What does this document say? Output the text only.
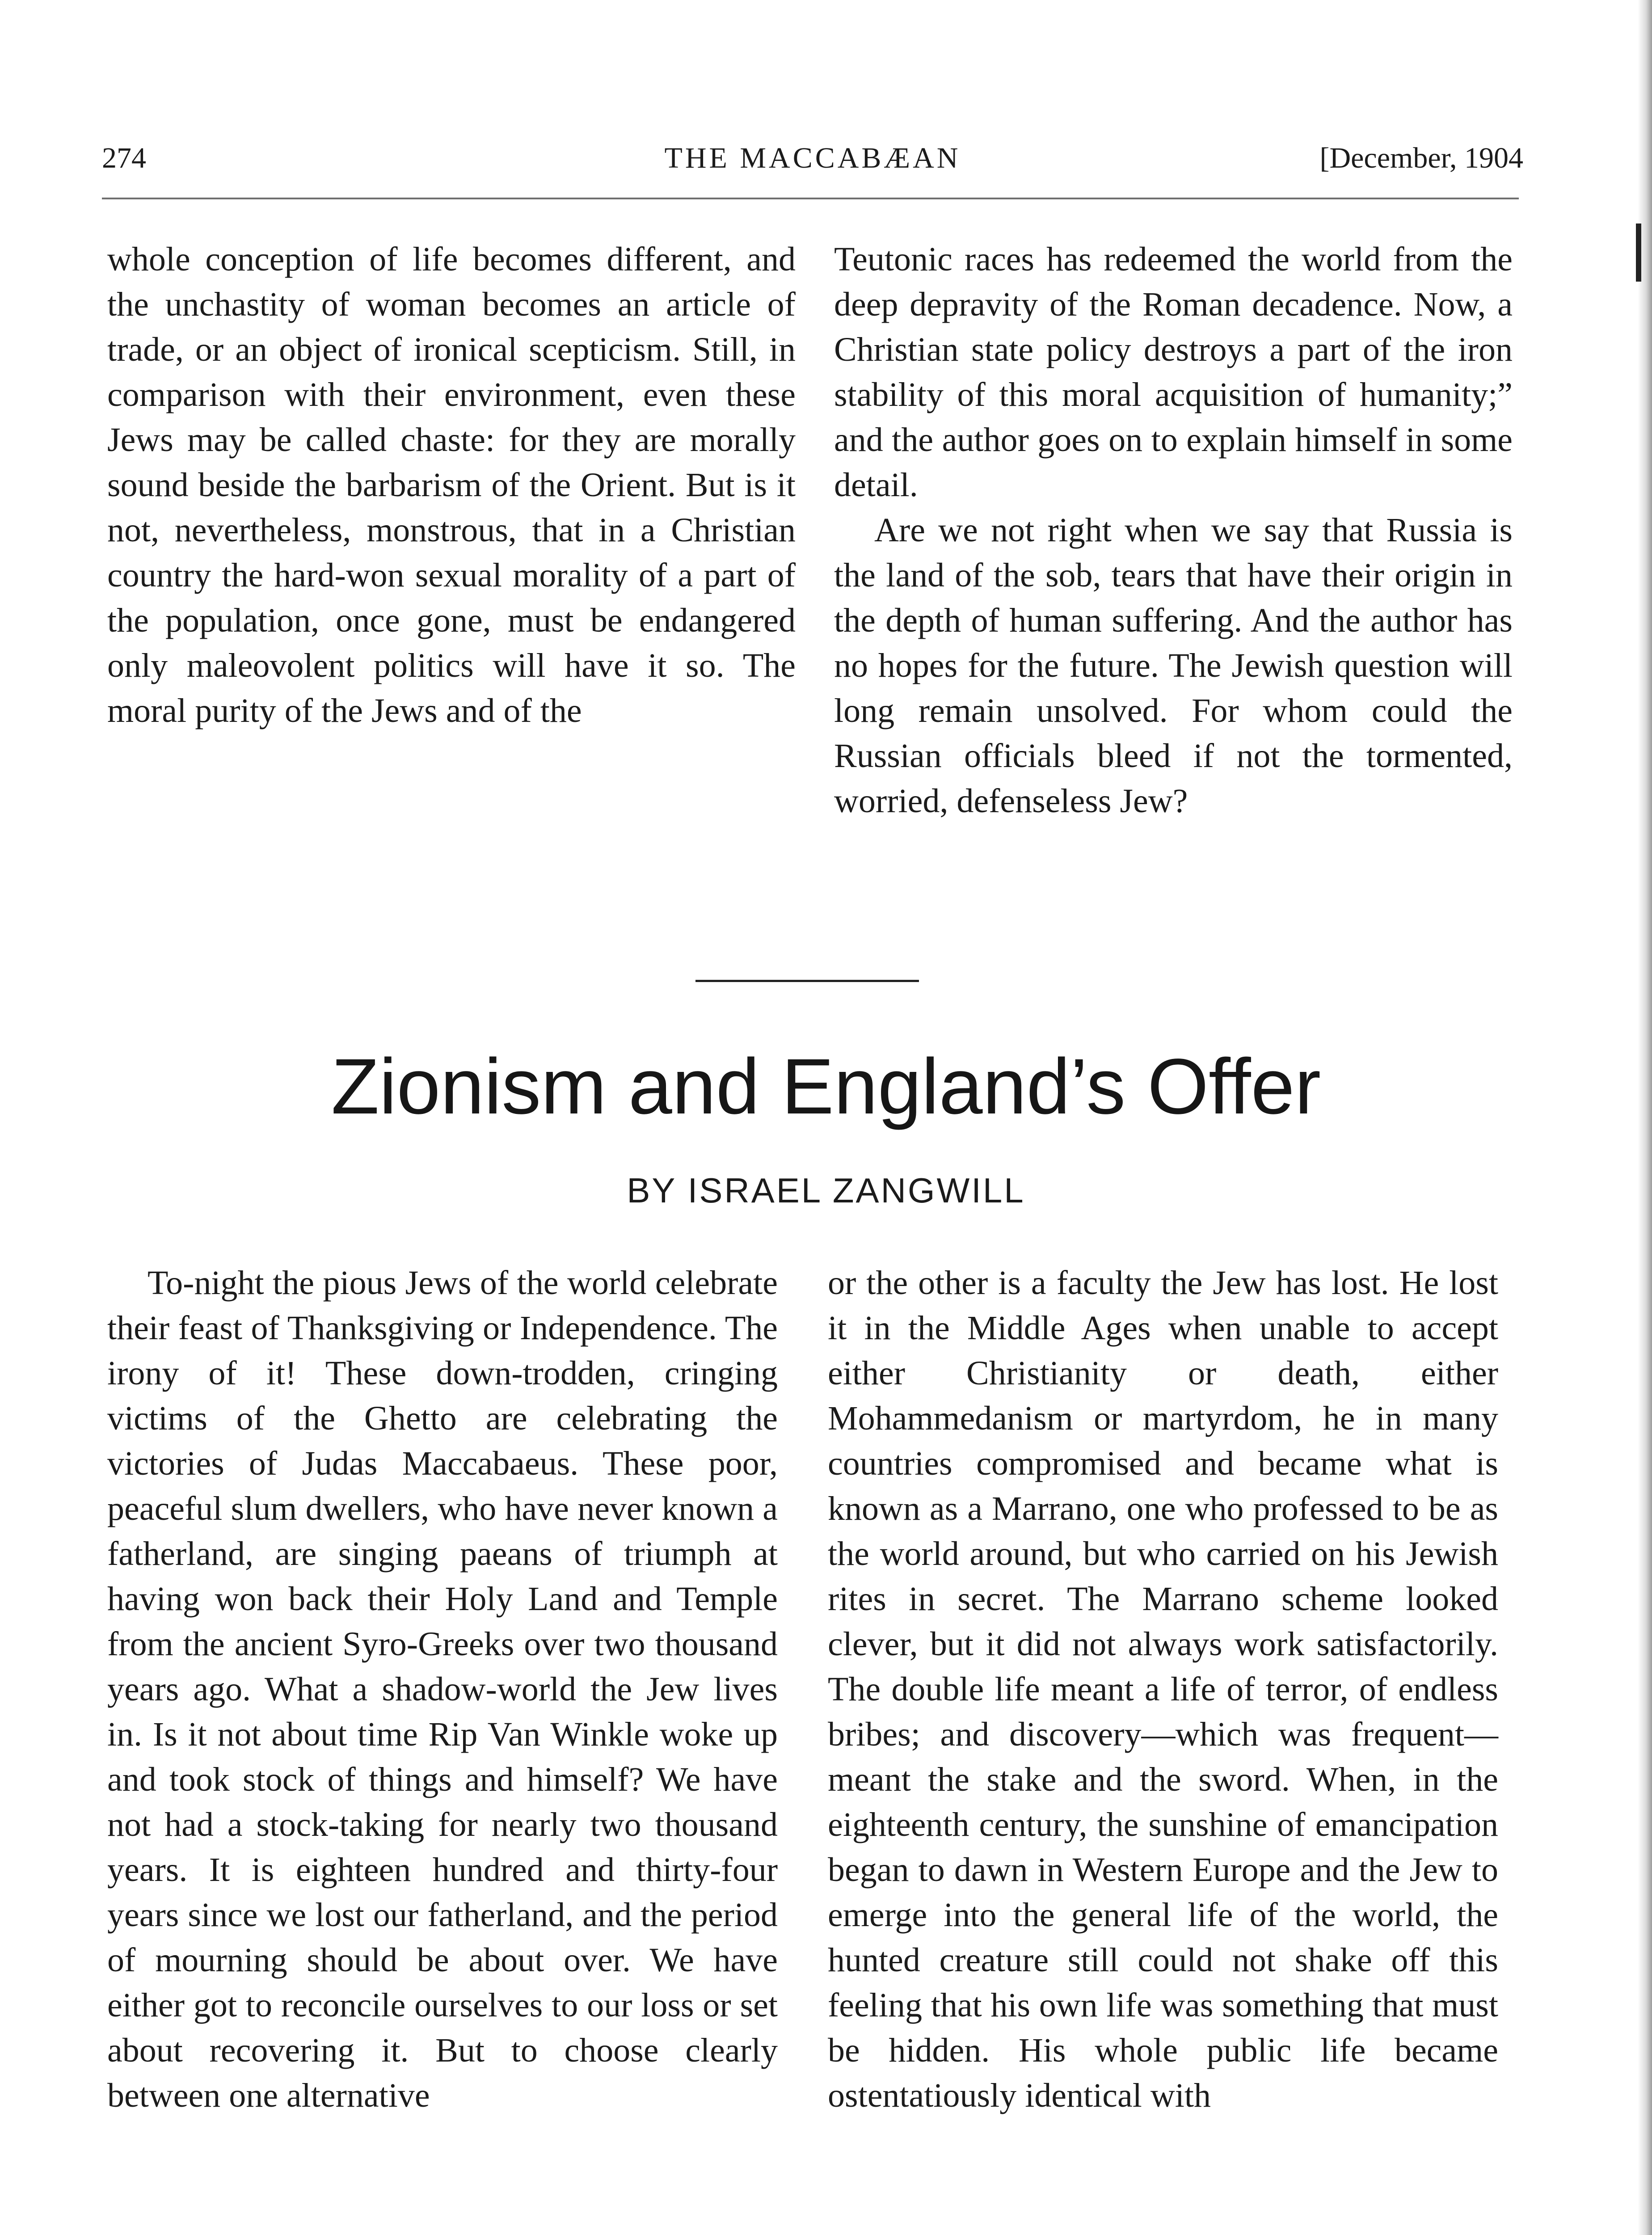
274	THE MACCABÆAN	[December, 1904

whole conception of life becomes different, and the unchastity of woman becomes an article of trade, or an object of ironical scepticism. Still, in comparison with their environment, even these Jews may be called chaste: for they are morally sound beside the barbarism of the Orient. But is it not, nevertheless, monstrous, that in a Christian country the hard-won sexual morality of a part of the population, once gone, must be endangered only maleovolent politics will have it so. The moral purity of the Jews and of the

Teutonic races has redeemed the world from the deep depravity of the Roman decadence. Now, a Christian state policy destroys a part of the iron stability of this moral acquisition of humanity;” and the author goes on to explain himself in some detail.

Are we not right when we say that Russia is the land of the sob, tears that have their origin in the depth of human suffering. And the author has no hopes for the future. The Jewish question will long remain unsolved. For whom could the Russian officials bleed if not the tormented, worried, defenseless Jew?

Zionism and England’s Offer
BY ISRAEL ZANGWILL

To-night the pious Jews of the world celebrate their feast of Thanksgiving or Independence. The irony of it! These down-trodden, cringing victims of the Ghetto are celebrating the victories of Judas Maccabaeus. These poor, peaceful slum dwellers, who have never known a fatherland, are singing paeans of triumph at having won back their Holy Land and Temple from the ancient Syro-Greeks over two thousand years ago. What a shadow-world the Jew lives in. Is it not about time Rip Van Winkle woke up and took stock of things and himself? We have not had a stock-taking for nearly two thousand years. It is eighteen hundred and thirty-four years since we lost our fatherland, and the period of mourning should be about over. We have either got to reconcile ourselves to our loss or set about recovering it. But to choose clearly between one alternative

or the other is a faculty the Jew has lost. He lost it in the Middle Ages when unable to accept either Christianity or death, either Mohammedanism or martyrdom, he in many countries compromised and became what is known as a Marrano, one who professed to be as the world around, but who carried on his Jewish rites in secret. The Marrano scheme looked clever, but it did not always work satisfactorily. The double life meant a life of terror, of endless bribes; and discovery—which was frequent—meant the stake and the sword. When, in the eighteenth century, the sunshine of emancipation began to dawn in Western Europe and the Jew to emerge into the general life of the world, the hunted creature still could not shake off this feeling that his own life was something that must be hidden. His whole public life became ostentatiously identical with
